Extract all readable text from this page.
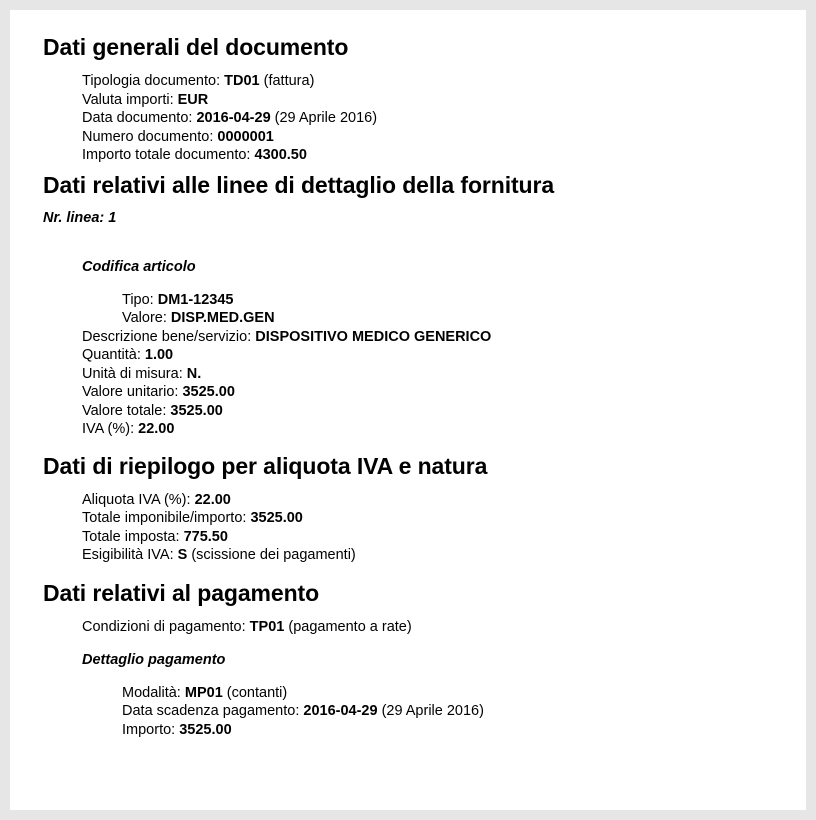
Dati generali del documento
Tipologia documento: TD01 (fattura)
Valuta importi: EUR
Data documento: 2016-04-29 (29 Aprile 2016)
Numero documento: 0000001
Importo totale documento: 4300.50
Dati relativi alle linee di dettaglio della fornitura
Nr. linea: 1
Codifica articolo
Tipo: DM1-12345
Valore: DISP.MED.GEN
Descrizione bene/servizio: DISPOSITIVO MEDICO GENERICO
Quantità: 1.00
Unità di misura: N.
Valore unitario: 3525.00
Valore totale: 3525.00
IVA (%): 22.00
Dati di riepilogo per aliquota IVA e natura
Aliquota IVA (%): 22.00
Totale imponibile/importo: 3525.00
Totale imposta: 775.50
Esigibilità IVA: S (scissione dei pagamenti)
Dati relativi al pagamento
Condizioni di pagamento: TP01 (pagamento a rate)
Dettaglio pagamento
Modalità: MP01 (contanti)
Data scadenza pagamento: 2016-04-29 (29 Aprile 2016)
Importo: 3525.00
